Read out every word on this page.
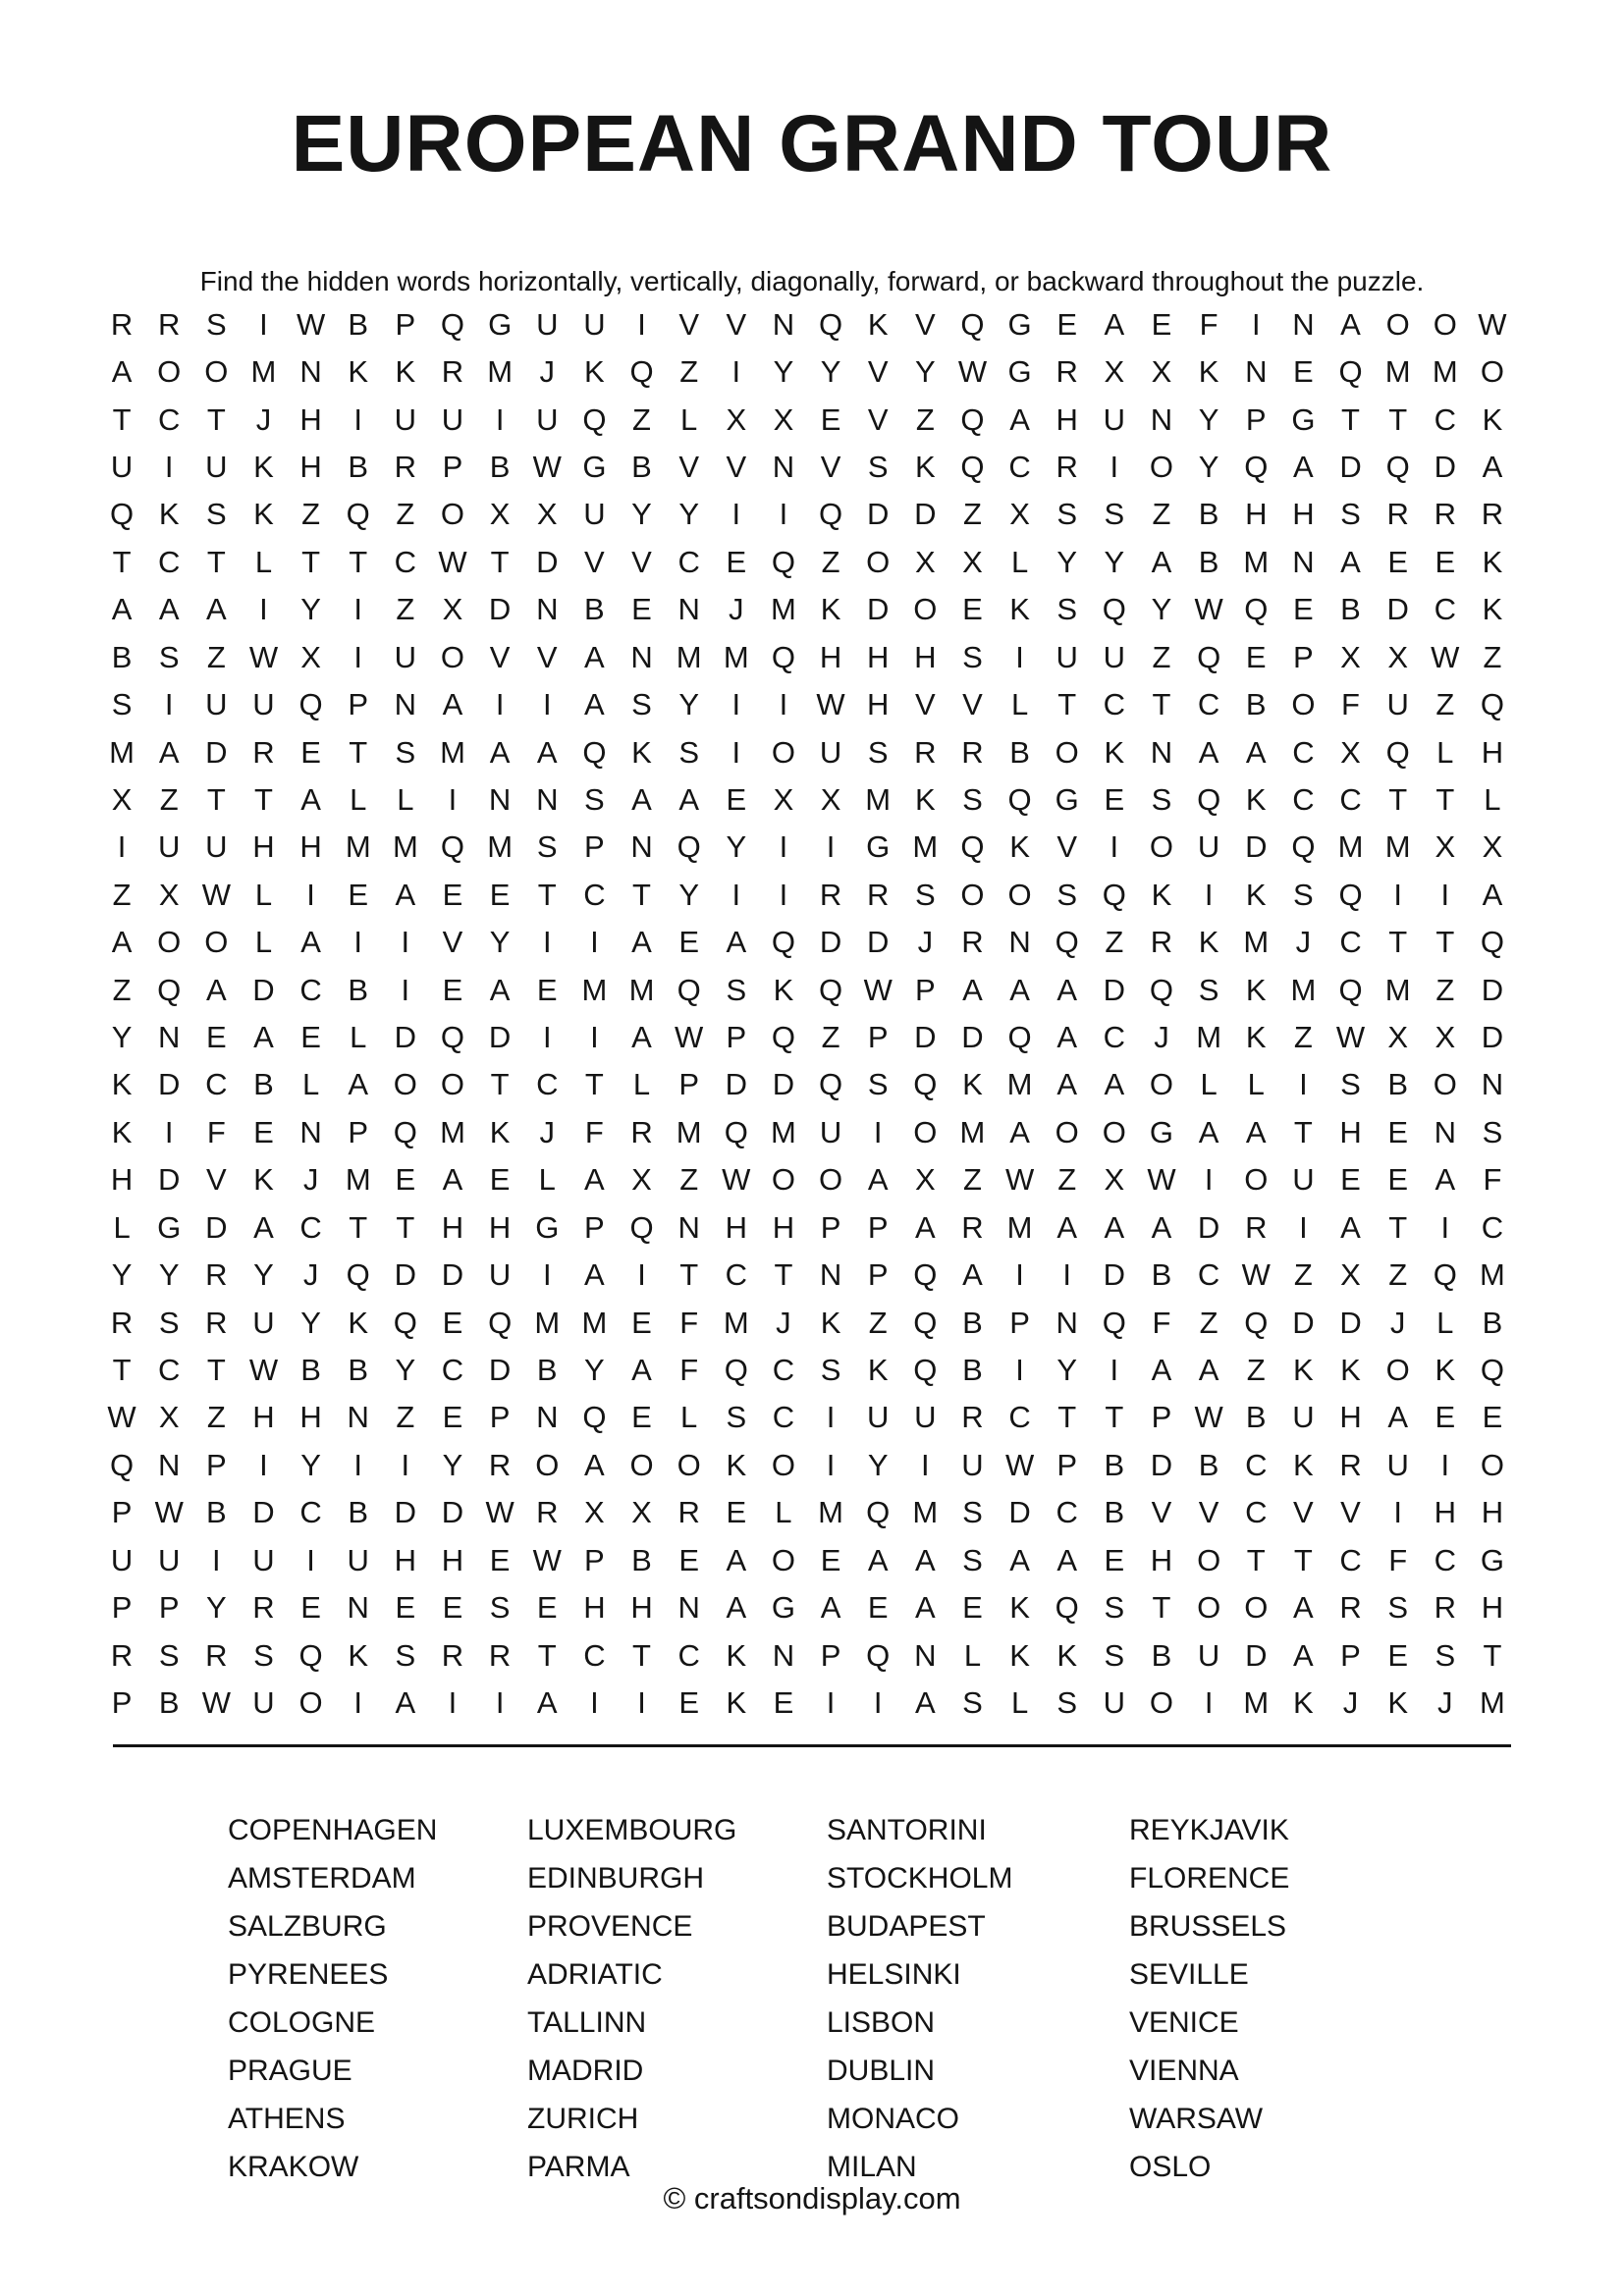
EUROPEAN GRAND TOUR

Find the hidden words horizontally, vertically, diagonally, forward, or backward throughout the puzzle.

R R S	I W B P Q G U U	I	V V N Q K V Q G E A E F	I	N A O O W
A O O M N K K R M J K Q Z	I	Y Y V Y W G R X X K N E Q M M O
T C T J H	I	U U	I	U Q Z L X X E V Z Q A H U N Y P G T T C K
U	I	U K H B R P B W G B V V N V S K Q C R	I	O Y Q A D Q D A
Q K S K Z Q Z O X X U Y Y	I	I	Q D D Z X S S Z B H H S R R R
T C T L T T C W T D V V C E Q Z O X X L Y Y A B M N A E E K
A A A	I	Y	I	Z X D N B E N J M K D O E K S Q Y W Q E B D C K
B S Z W X	I	U O V V A N M M Q H H H S	I	U U Z Q E P X X W Z
S	I	U U Q P N A	I	I	A S Y	I	I W H V V L T C T C B O F U Z Q
M A D R E T S M A A Q K S	I	O U S R R B O K N A A C X Q L H
X Z T T A L L	I	N N S A A E X X M K S Q G E S Q K C C T T L
I	U U H H M M Q M S P N Q Y	I	I	G M Q K V	I	O U D Q M M X X
Z X W L	I	E A E E T C T Y	I	I	R R S O O S Q K	I	K S Q	I	I	A
A O O L A	I	I	V Y	I	I	A E A Q D D J R N Q Z R K M J C T T Q
Z Q A D C B	I	E A E M M Q S K Q W P A A A D Q S K M Q M Z D
Y N E A E L D Q D	I	I	A W P Q Z P D D Q A C J M K Z W X X D
K D C B L A O O T C T L P D D Q S Q K M A A O L L	I	S B O N
K	I	F E N P Q M K J F R M Q M U	I	O M A O O G A A T H E N S
H D V K J M E A E L A X Z W O O A X Z W Z X W I	O U E E A F
L G D A C T T H H G P Q N H H P P A R M A A A D R	I	A T	I	C
Y Y R Y J Q D D U	I	A	I	T C T N P Q A	I	I	D B C W Z X Z Q M
R S R U Y K Q E Q M M E F M J K Z Q B P N Q F Z Q D D J	L B
T C T W B B Y C D B Y A F Q C S K Q B	I	Y	I	A A Z K K O K Q
W X Z H H N Z E P N Q E L S C	I	U U R C T T P W B U H A E E
Q N P	I	Y	I	I	Y R O A O O K O	I	Y	I	U W P B D B C K R U	I	O
P W B D C B D D W R X X R E L M Q M S D C B V V C V V	I	H H
U U	I	U	I	U H H E W P B E A O E A A S A A E H O T T C F C G
P P Y R E N E E S E H H N A G A E A E K Q S T O O A R S R H
R S R S Q K S R R T C T C K N P Q N L K K S B U D A P E S T
P B W U O	I	A	I	I	A	I	I	E K E	I	I	A S L S U O	I M K J K J M
COPENHAGEN
AMSTERDAM
SALZBURG
PYRENEES
COLOGNE
PRAGUE
ATHENS
KRAKOW
LUXEMBOURG
EDINBURGH
PROVENCE
ADRIATIC
TALLINN
MADRID
ZURICH
PARMA
SANTORINI
STOCKHOLM
BUDAPEST
HELSINKI
LISBON
DUBLIN
MONACO
MILAN
REYKJAVIK
FLORENCE
BRUSSELS
SEVILLE
VENICE
VIENNA
WARSAW
OSLO
© craftsondisplay.com
